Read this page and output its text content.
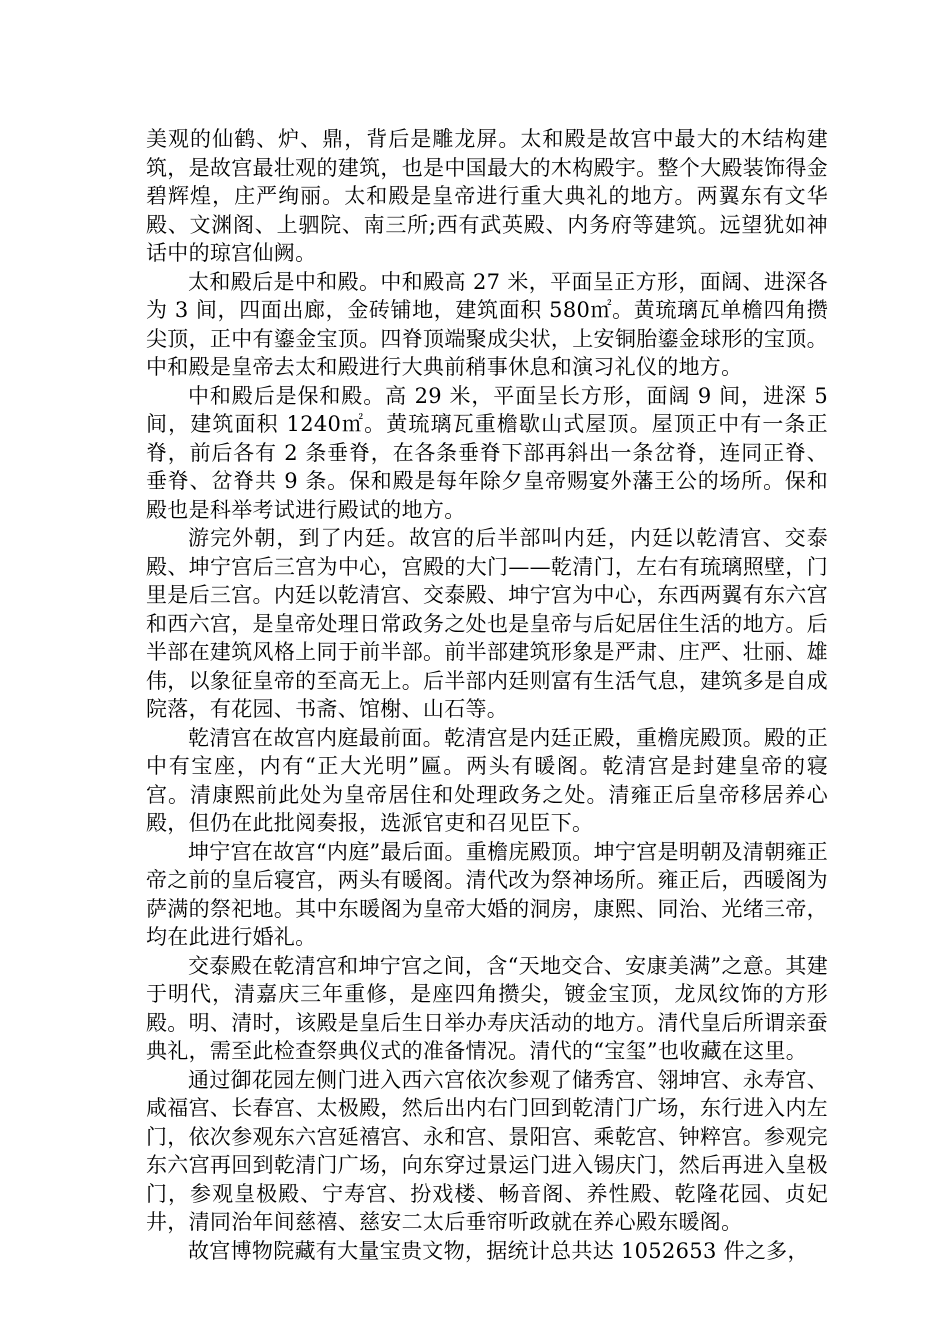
美观的仙鹤、炉、鼎，背后是雕龙屏。太和殿是故宫中最大的木结构建筑，是故宫最壮观的建筑，也是中国最大的木构殿宇。整个大殿装饰得金碧辉煌，庄严绚丽。太和殿是皇帝进行重大典礼的地方。两翼东有文华殿、文渊阁、上驷院、南三所;西有武英殿、内务府等建筑。远望犹如神话中的琼宫仙阙。

太和殿后是中和殿。中和殿高 27 米，平面呈正方形，面阔、进深各为 3 间，四面出廊，金砖铺地，建筑面积 580㎡。黄琉璃瓦单檐四角攒尖顶，正中有鎏金宝顶。四脊顶端聚成尖状，上安铜胎鎏金球形的宝顶。中和殿是皇帝去太和殿进行大典前稍事休息和演习礼仪的地方。

中和殿后是保和殿。高 29 米，平面呈长方形，面阔 9 间，进深 5 间，建筑面积 1240㎡。黄琉璃瓦重檐歇山式屋顶。屋顶正中有一条正脊，前后各有 2 条垂脊，在各条垂脊下部再斜出一条岔脊，连同正脊、垂脊、岔脊共 9 条。保和殿是每年除夕皇帝赐宴外藩王公的场所。保和殿也是科举考试进行殿试的地方。

游完外朝，到了内廷。故宫的后半部叫内廷，内廷以乾清宫、交泰殿、坤宁宫后三宫为中心，宫殿的大门——乾清门，左右有琉璃照壁，门里是后三宫。内廷以乾清宫、交泰殿、坤宁宫为中心，东西两翼有东六宫和西六宫，是皇帝处理日常政务之处也是皇帝与后妃居住生活的地方。后半部在建筑风格上同于前半部。前半部建筑形象是严肃、庄严、壮丽、雄伟，以象征皇帝的至高无上。后半部内廷则富有生活气息，建筑多是自成院落，有花园、书斋、馆榭、山石等。

乾清宫在故宫内庭最前面。乾清宫是内廷正殿，重檐庑殿顶。殿的正中有宝座，内有“正大光明”匾。两头有暖阁。乾清宫是封建皇帝的寝宫。清康熙前此处为皇帝居住和处理政务之处。清雍正后皇帝移居养心殿，但仍在此批阅奏报，选派官吏和召见臣下。

坤宁宫在故宫“内庭”最后面。重檐庑殿顶。坤宁宫是明朝及清朝雍正帝之前的皇后寝宫，两头有暖阁。清代改为祭神场所。雍正后，西暖阁为萨满的祭祀地。其中东暖阁为皇帝大婚的洞房，康熙、同治、光绪三帝，均在此进行婚礼。

交泰殿在乾清宫和坤宁宫之间，含“天地交合、安康美满”之意。其建于明代，清嘉庆三年重修，是座四角攒尖，镀金宝顶，龙凤纹饰的方形殿。明、清时，该殿是皇后生日举办寿庆活动的地方。清代皇后所谓亲蚕典礼，需至此检查祭典仪式的准备情况。清代的“宝玺”也收藏在这里。

通过御花园左侧门进入西六宫依次参观了储秀宫、翎坤宫、永寿宫、咸福宫、长春宫、太极殿，然后出内右门回到乾清门广场，东行进入内左门，依次参观东六宫延禧宫、永和宫、景阳宫、乘乾宫、钟粹宫。参观完东六宫再回到乾清门广场，向东穿过景运门进入锡庆门，然后再进入皇极门，参观皇极殿、宁寿宫、扮戏楼、畅音阁、养性殿、乾隆花园、贞妃井，清同治年间慈禧、慈安二太后垂帘听政就在养心殿东暖阁。

故宫博物院藏有大量宝贵文物，据统计总共达 1052653 件之多，
